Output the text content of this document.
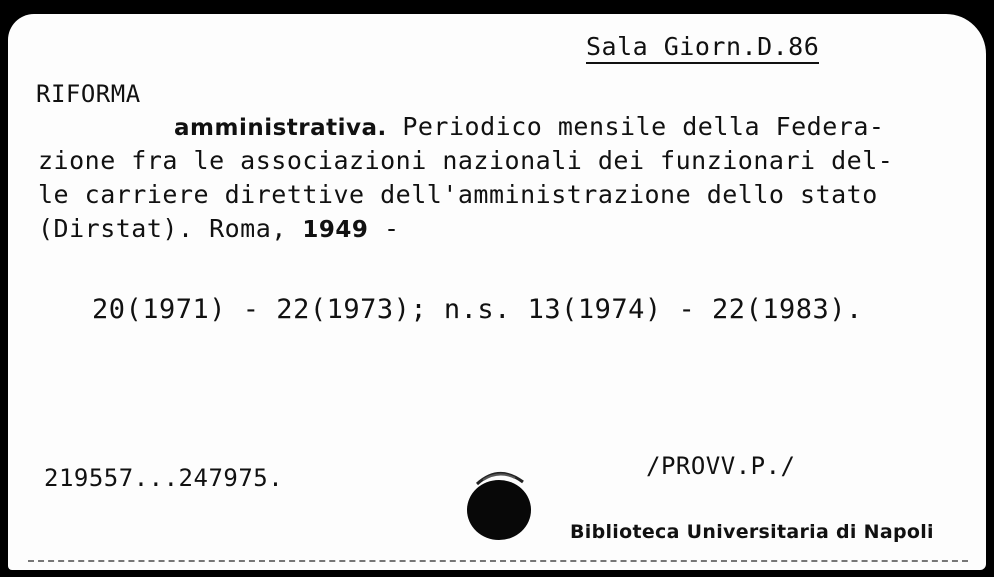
Sala Giorn.D.86
RIFORMA
amministrativa. Periodico mensile della Federa-
zione fra le associazioni nazionali dei funzionari del-
le carriere direttive dell'amministrazione dello stato
(Dirstat). Roma, 1949 -
20(1971) - 22(1973); n.s. 13(1974) - 22(1983).
219557...247975.	/PROVV.P./
Biblioteca Universitaria di Napoli
